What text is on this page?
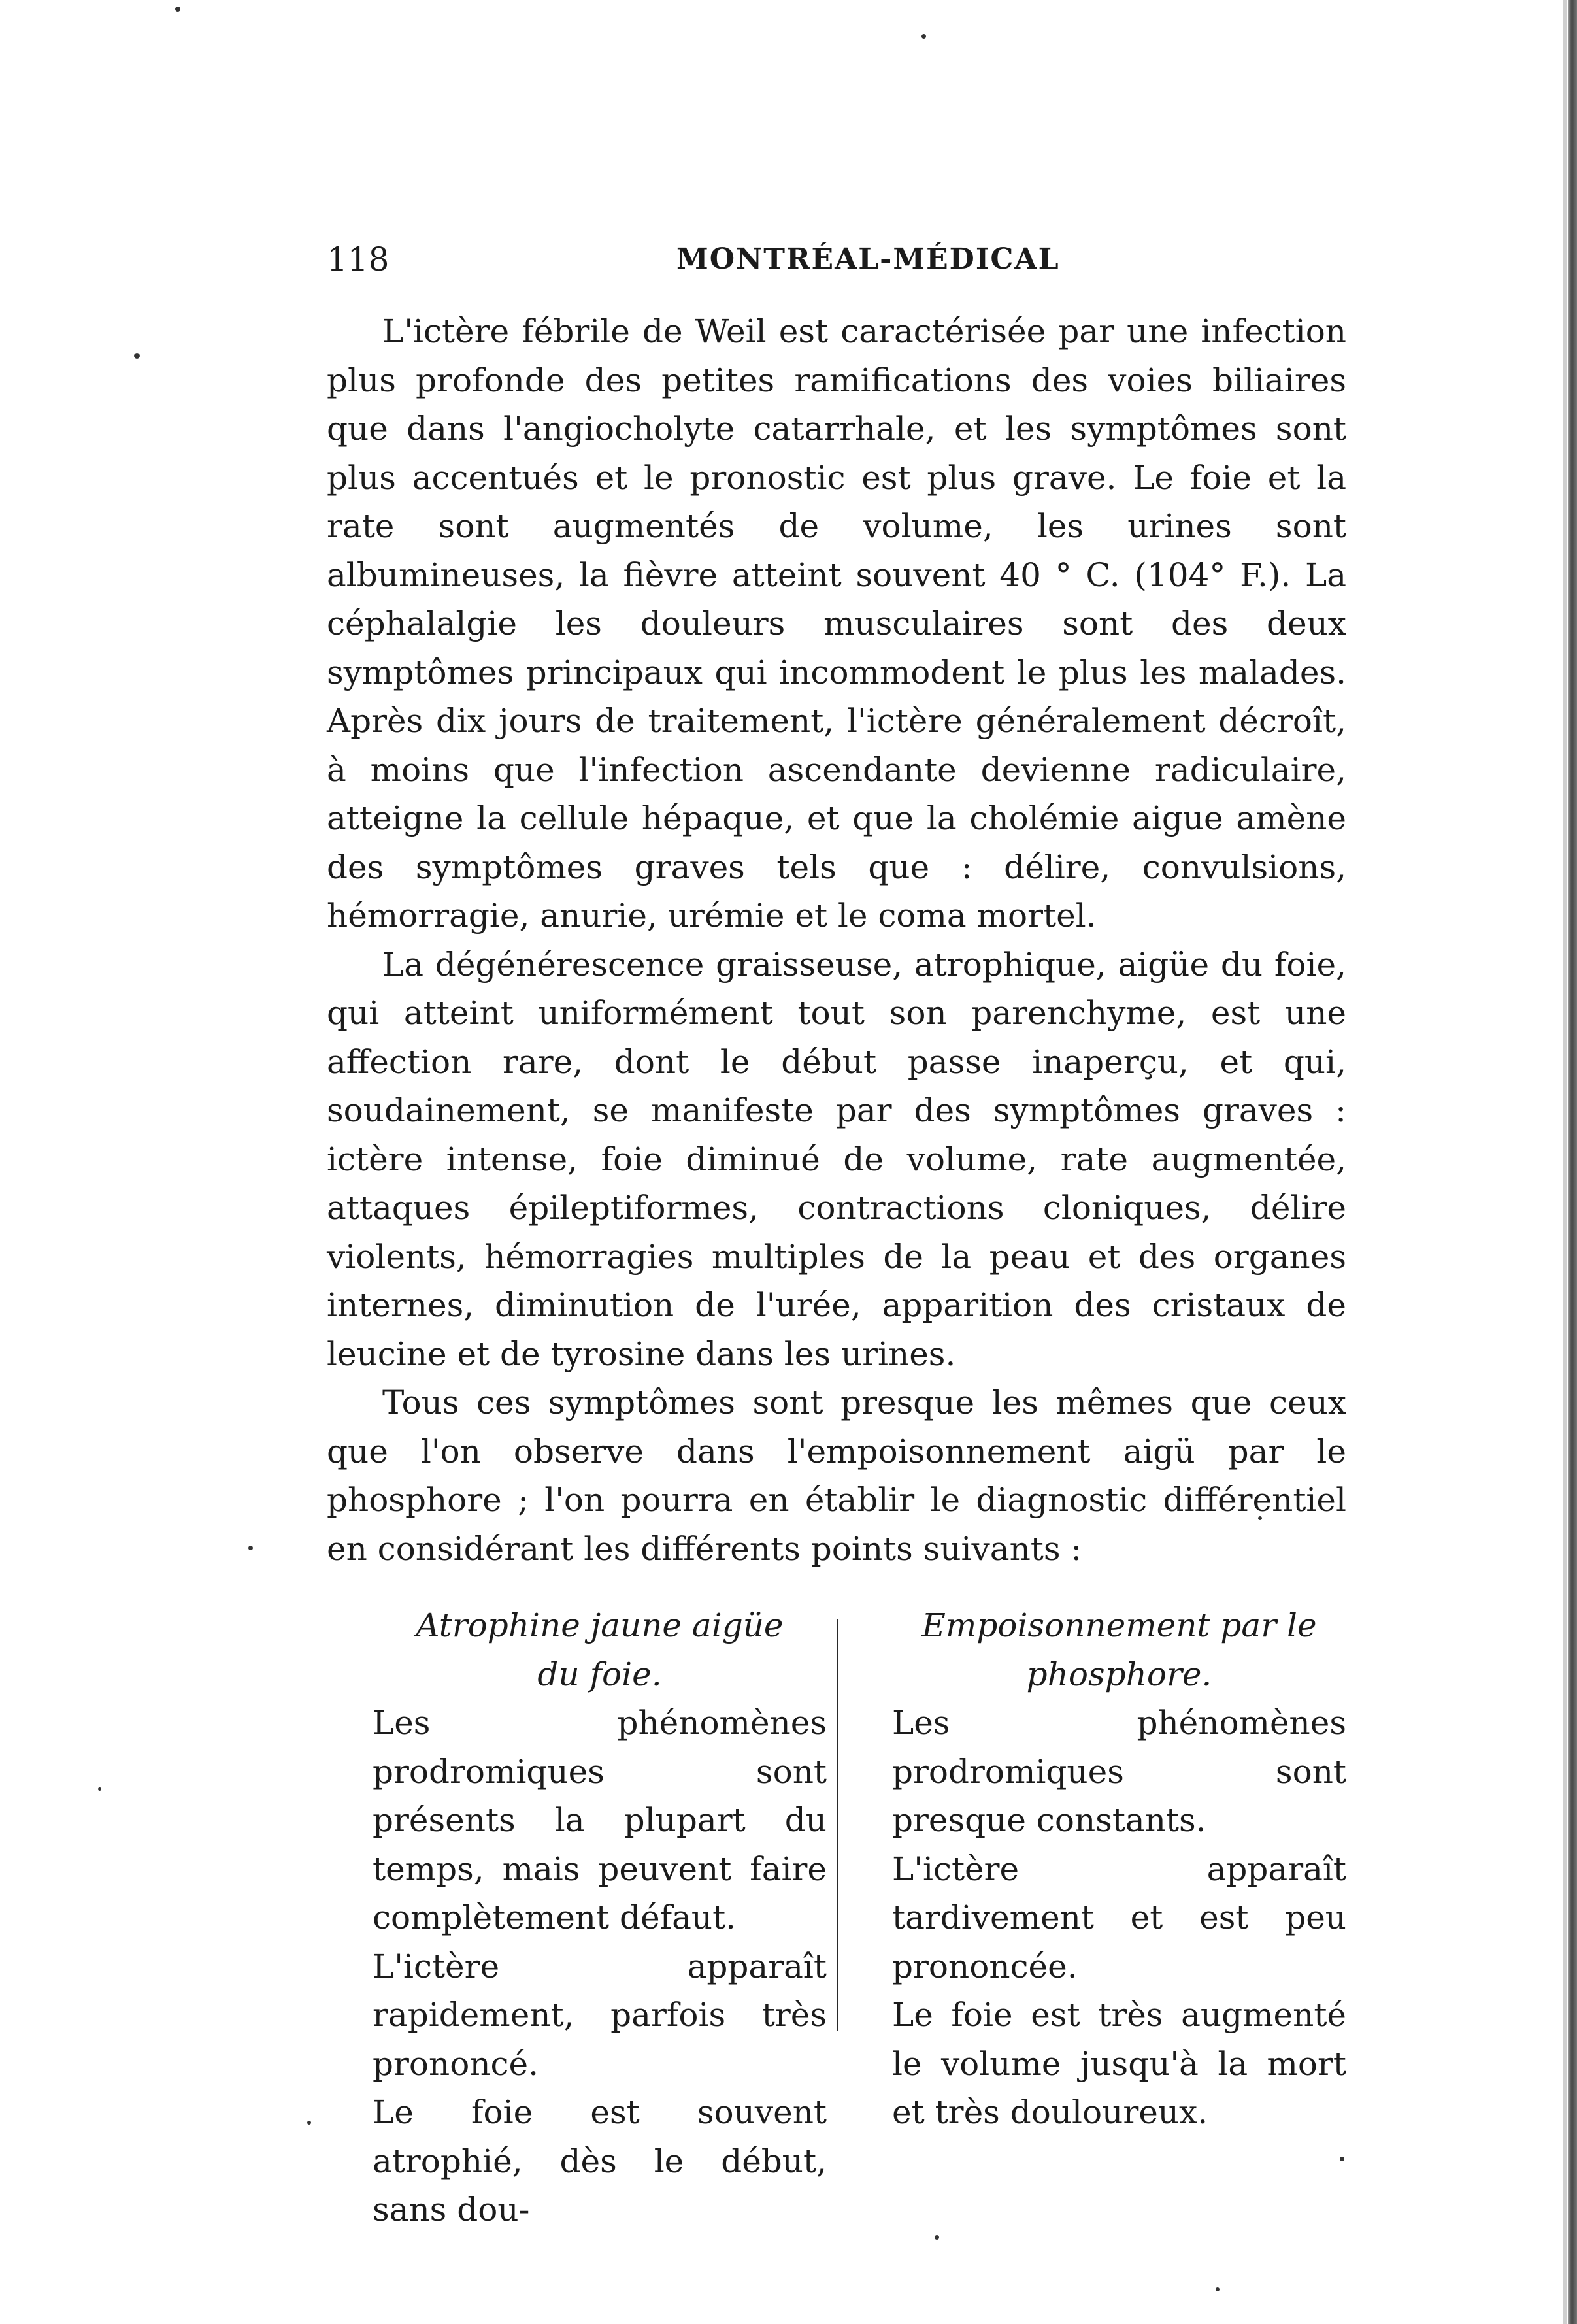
118	MONTRÉAL-MÉDICAL

L'ictère fébrile de Weil est caractérisée par une infection plus profonde des petites ramifications des voies biliaires que dans l'angiocholyte catarrhale, et les symptômes sont plus accentués et le pronostic est plus grave. Le foie et la rate sont augmentés de volume, les urines sont albumineuses, la fièvre atteint souvent 40 ° C. (104° F.). La céphalalgie les douleurs musculaires sont des deux symptômes principaux qui incommodent le plus les malades. Après dix jours de traitement, l'ictère généralement décroît, à moins que l'infection ascendante devienne radiculaire, atteigne la cellule hépaque, et que la cholémie aigue amène des symptômes graves tels que : délire, convulsions, hémorragie, anurie, urémie et le coma mortel.

La dégénérescence graisseuse, atrophique, aigüe du foie, qui atteint uniformément tout son parenchyme, est une affection rare, dont le début passe inaperçu, et qui, soudainement, se manifeste par des symptômes graves : ictère intense, foie diminué de volume, rate augmentée, attaques épileptiformes, contractions cloniques, délire violents, hémorragies multiples de la peau et des organes internes, diminution de l'urée, apparition des cristaux de leucine et de tyrosine dans les urines.

Tous ces symptômes sont presque les mêmes que ceux que l'on observe dans l'empoisonnement aigü par le phosphore ; l'on pourra en établir le diagnostic différentiel en considérant les différents points suivants :

Atrophine jaune aigüe
du foie.

Les phénomènes prodromiques sont présents la plupart du temps, mais peuvent faire complètement défaut.

L'ictère apparaît rapidement, parfois très prononcé.

Le foie est souvent atrophié, dès le début, sans dou-

Empoisonnement par le
phosphore.

Les phénomènes prodromiques sont presque constants.

L'ictère apparaît tardivement et est peu prononcée.

Le foie est très augmenté le volume jusqu'à la mort et très douloureux.
